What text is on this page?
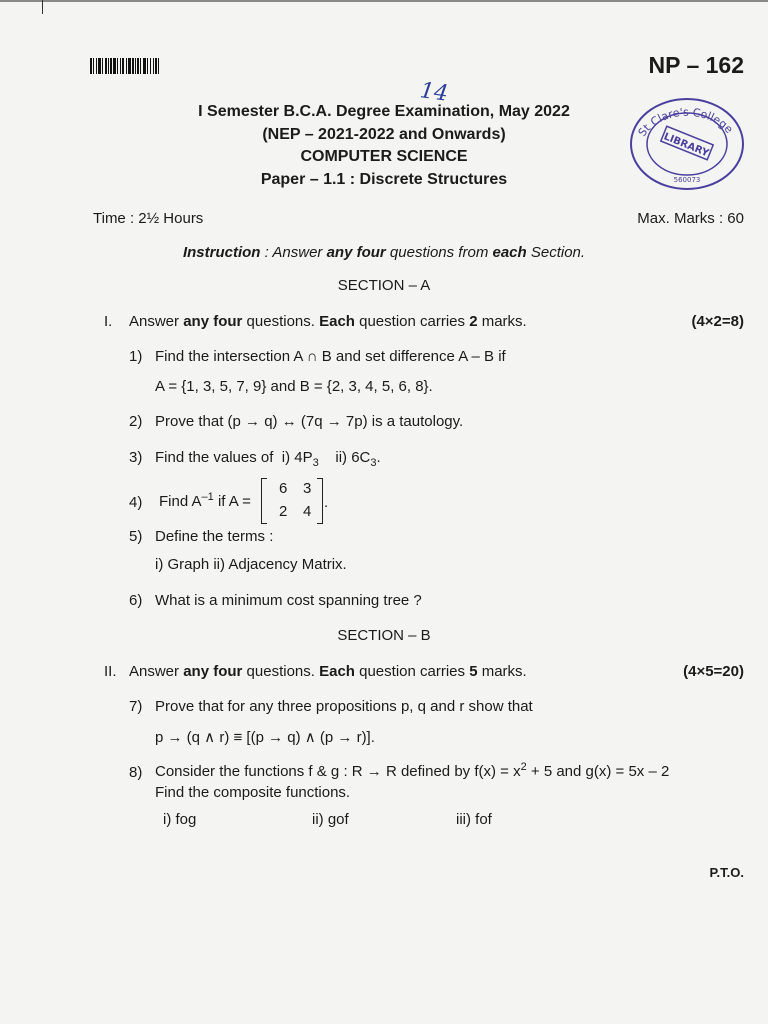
NP – 162
14
St Clare's College
LIBRARY
560073
I Semester B.C.A. Degree Examination, May 2022
(NEP – 2021-2022 and Onwards)
COMPUTER SCIENCE
Paper – 1.1 : Discrete Structures
Time : 2½ Hours	Max. Marks : 60
Instruction : Answer any four questions from each Section.
SECTION – A
I. Answer any four questions. Each question carries 2 marks.	(4×2=8)
1) Find the intersection A ∩ B and set difference A – B if
A = {1, 3, 5, 7, 9} and B = {2, 3, 4, 5, 6, 8}.
2) Prove that (p → q) ↔ (7q → 7p) is a tautology.
3) Find the values of  i) $4P_3$    ii) $6C_3$.
4) Find $A^{-1}$ if A =
6 3
2 4
.
5) Define the terms :
i) Graph ii) Adjacency Matrix.
6) What is a minimum cost spanning tree ?
SECTION – B
II. Answer any four questions. Each question carries 5 marks.	(4×5=20)
7) Prove that for any three propositions p, q and r show that
p → (q ∧ r) ≡ [(p → q) ∧ (p → r)].
8) Consider the functions f & g : R → R defined by $f(x) = x^2 + 5$ and g(x) = 5x – 2
Find the composite functions.
i) fog	ii) gof	iii) fof
P.T.O.
